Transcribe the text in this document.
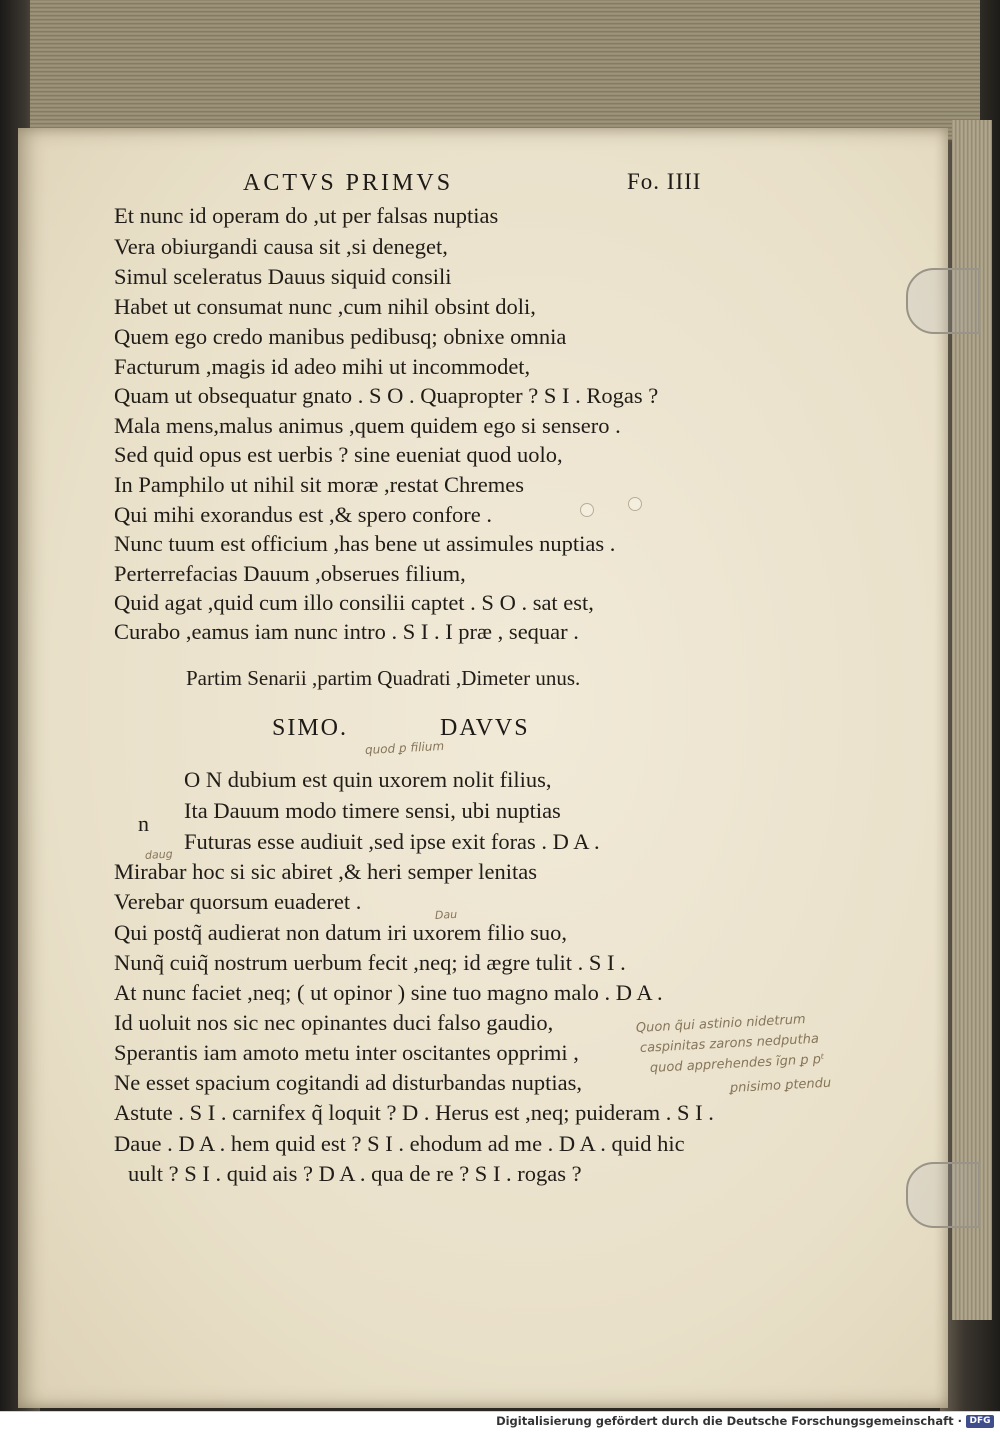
ACTVS PRIMVS	Fo. IIII
Et nunc id operam do ,ut per falsas nuptias
Vera obiurgandi causa sit ,si deneget,
Simul sceleratus Dauus siquid consili
Habet ut consumat nunc ,cum nihil obsint doli,
Quem ego credo manibus pedibusq; obnixe omnia
Facturum ,magis id adeo mihi ut incommodet,
Quam ut obsequatur gnato . S O . Quapropter ? S I . Rogas ?
Mala mens,malus animus ,quem quidem ego si sensero .
Sed quid opus est uerbis ? sine eueniat quod uolo,
In Pamphilo ut nihil sit moræ ,restat Chremes
Qui mihi exorandus est ,& spero confore .
Nunc tuum est officium ,has bene ut assimules nuptias .
Perterrefacias Dauum ,obserues filium,
Quid agat ,quid cum illo consilii captet . S O . sat est,
Curabo ,eamus iam nunc intro . S I . I præ , sequar .
Partim Senarii ,partim Quadrati ,Dimeter unus.
SIMO.	DAVVS
quod ꝑ filium
n
O N dubium est quin uxorem nolit filius,
Ita Dauum modo timere sensi, ubi nuptias
Futuras esse audiuit ,sed ipse exit foras . D A .
Mirabar hoc si sic abiret ,& heri semper lenitas
Verebar quorsum euaderet .
Qui postq̃ audierat non datum iri uxorem filio suo,
Nunq̃ cuiq̃ nostrum uerbum fecit ,neq; id ægre tulit . S I .
At nunc faciet ,neq; ( ut opinor ) sine tuo magno malo . D A .
Id uoluit nos sic nec opinantes duci falso gaudio,
Sperantis iam amoto metu inter oscitantes opprimi ,
Ne esset spacium cogitandi ad disturbandas nuptias,
Astute . S I . carnifex q̃ loquit ? D . Herus est ,neq; puideram . S I .
Daue . D A . hem quid est ? S I . ehodum ad me . D A . quid hic
uult ? S I . quid ais ? D A . qua de re ? S I . rogas ?
daug
Dau
Quon q̃ui astinio nidetrum
caspinitas zarons nedputha
quod apprehendes ĩgn ꝑ pᵗ
ꝑnisimo ꝑtendu
Digitalisierung gefördert durch die Deutsche Forschungsgemeinschaft · DFG
